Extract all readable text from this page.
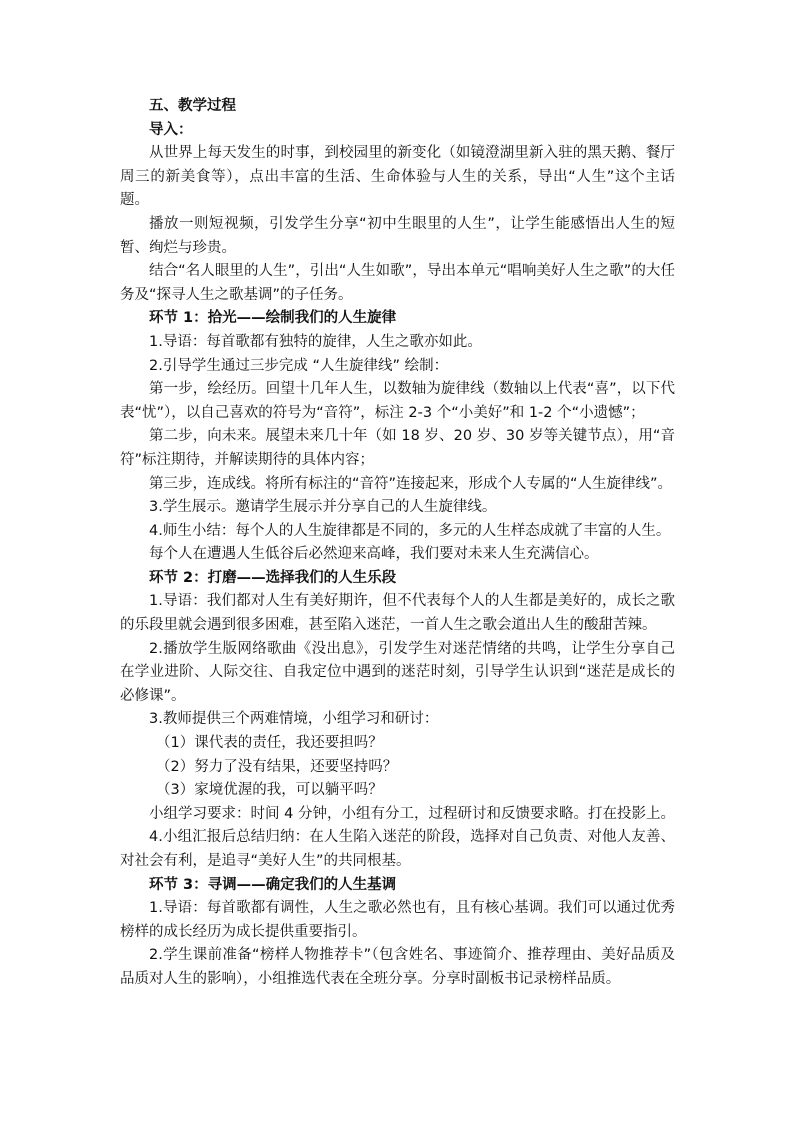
五、教学过程

导入：

从世界上每天发生的时事，到校园里的新变化（如镜澄湖里新入驻的黑天鹅、餐厅周三的新美食等），点出丰富的生活、生命体验与人生的关系，导出“人生”这个主话题。

播放一则短视频，引发学生分享“初中生眼里的人生”，让学生能感悟出人生的短暂、绚烂与珍贵。

结合“名人眼里的人生”，引出“人生如歌”，导出本单元“唱响美好人生之歌”的大任务及“探寻人生之歌基调”的子任务。

环节 1：拾光——绘制我们的人生旋律

1.导语：每首歌都有独特的旋律，人生之歌亦如此。

2.引导学生通过三步完成 “人生旋律线” 绘制：

第一步，绘经历。回望十几年人生，以数轴为旋律线（数轴以上代表“喜”，以下代表“忧”），以自己喜欢的符号为“音符”，标注 2-3 个“小美好”和 1-2 个“小遗憾”；

第二步，向未来。展望未来几十年（如 18 岁、20 岁、30 岁等关键节点），用“音符”标注期待，并解读期待的具体内容；

第三步，连成线。将所有标注的“音符”连接起来，形成个人专属的“人生旋律线”。

3.学生展示。邀请学生展示并分享自己的人生旋律线。

4.师生小结：每个人的人生旋律都是不同的，多元的人生样态成就了丰富的人生。

每个人在遭遇人生低谷后必然迎来高峰，我们要对未来人生充满信心。

环节 2：打磨——选择我们的人生乐段

1.导语：我们都对人生有美好期许，但不代表每个人的人生都是美好的，成长之歌的乐段里就会遇到很多困难，甚至陷入迷茫，一首人生之歌会道出人生的酸甜苦辣。

2.播放学生版网络歌曲《没出息》，引发学生对迷茫情绪的共鸣，让学生分享自己在学业进阶、人际交往、自我定位中遇到的迷茫时刻，引导学生认识到“迷茫是成长的必修课”。

3.教师提供三个两难情境，小组学习和研讨：

（1）课代表的责任，我还要担吗？

（2）努力了没有结果，还要坚持吗？

（3）家境优渥的我，可以躺平吗？

小组学习要求：时间 4 分钟，小组有分工，过程研讨和反馈要求略。打在投影上。

4.小组汇报后总结归纳：在人生陷入迷茫的阶段，选择对自己负责、对他人友善、对社会有利，是追寻“美好人生”的共同根基。

环节 3：寻调——确定我们的人生基调

1.导语：每首歌都有调性，人生之歌必然也有，且有核心基调。我们可以通过优秀榜样的成长经历为成长提供重要指引。

2.学生课前准备“榜样人物推荐卡”（包含姓名、事迹简介、推荐理由、美好品质及品质对人生的影响），小组推选代表在全班分享。分享时副板书记录榜样品质。
